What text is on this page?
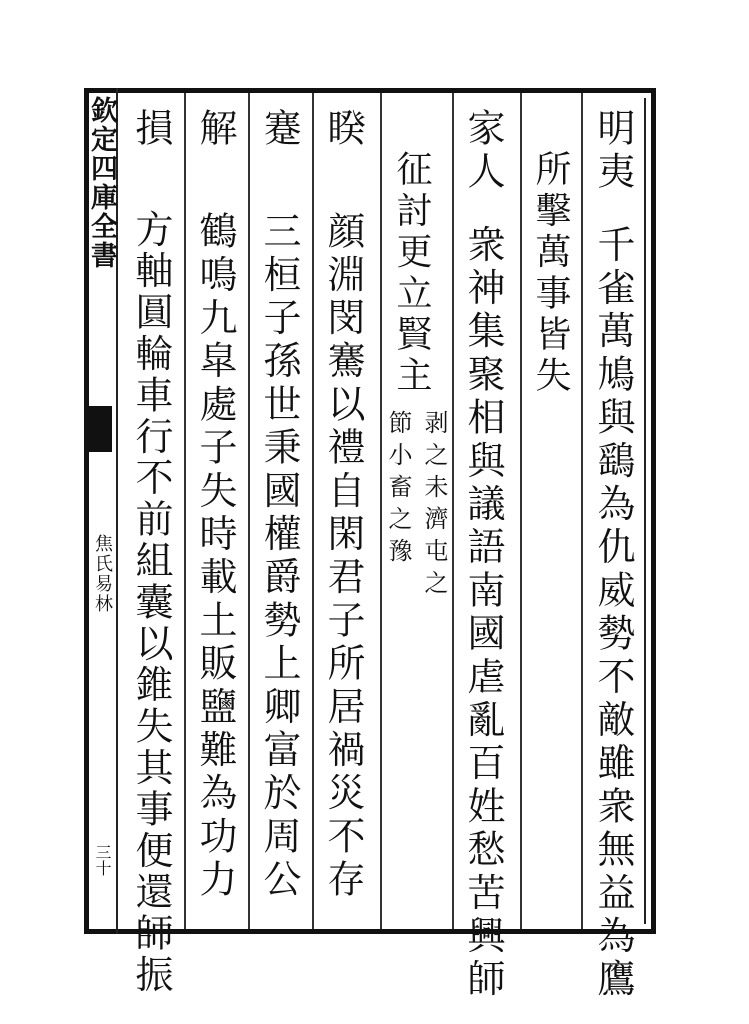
欽定四庫全書
焦氏易林
三十
明夷千雀萬鳩與鷂為仇威勢不敵雖衆無益為鷹
所擊萬事皆失
家人衆神集聚相與議語南國虐亂百姓愁苦興師
征討更立賢主
剥之未濟屯之
節小畜之豫
睽顔淵閔騫以禮自閑君子所居禍災不存
蹇三桓子孫世秉國權爵勢上卿富於周公
解鶴鳴九皐處子失時載土販鹽難為功力
損方軸圓輪車行不前組囊以錐失其事便還師振
